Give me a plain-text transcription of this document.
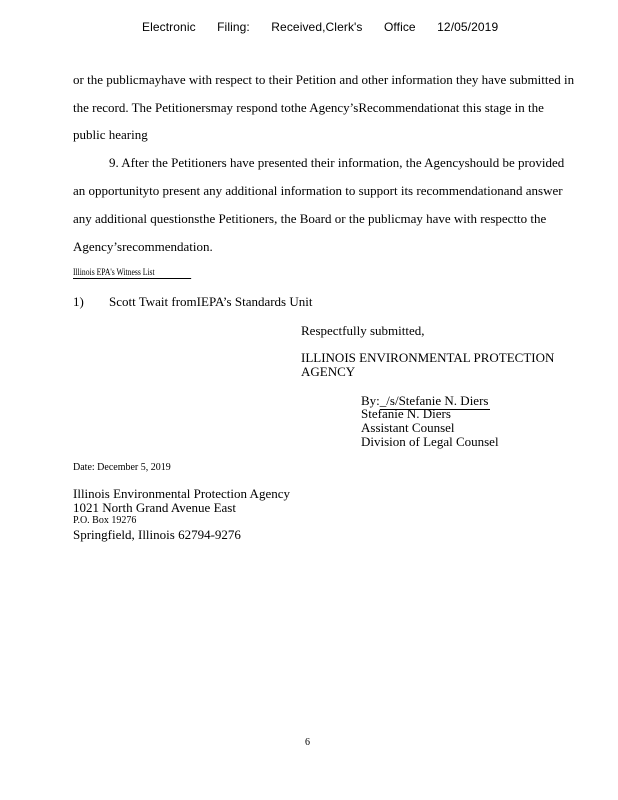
Electronic Filing: Received,Clerk's Office 12/05/2019
or the publicmayhave with respect to their Petition and other information they have submitted in
the record. The Petitionersmay respond tothe Agency’sRecommendationat this stage in the
public hearing
9. After the Petitioners have presented their information, the Agencyshould be provided
an opportunityto present any additional information to support its recommendationand answer
any additional questionsthe Petitioners, the Board or the publicmay have with respectto the
Agency’srecommendation.
Illinois EPA's Witness List
1) Scott Twait fromIEPA’s Standards Unit
Respectfully submitted,
ILLINOIS ENVIRONMENTAL PROTECTION
AGENCY
By:_/s/Stefanie N. Diers
Stefanie N. Diers
Assistant Counsel
Division of Legal Counsel
Date: December 5, 2019
Illinois Environmental Protection Agency
1021 North Grand Avenue East
P.O. Box 19276
Springfield, Illinois 62794-9276
6
